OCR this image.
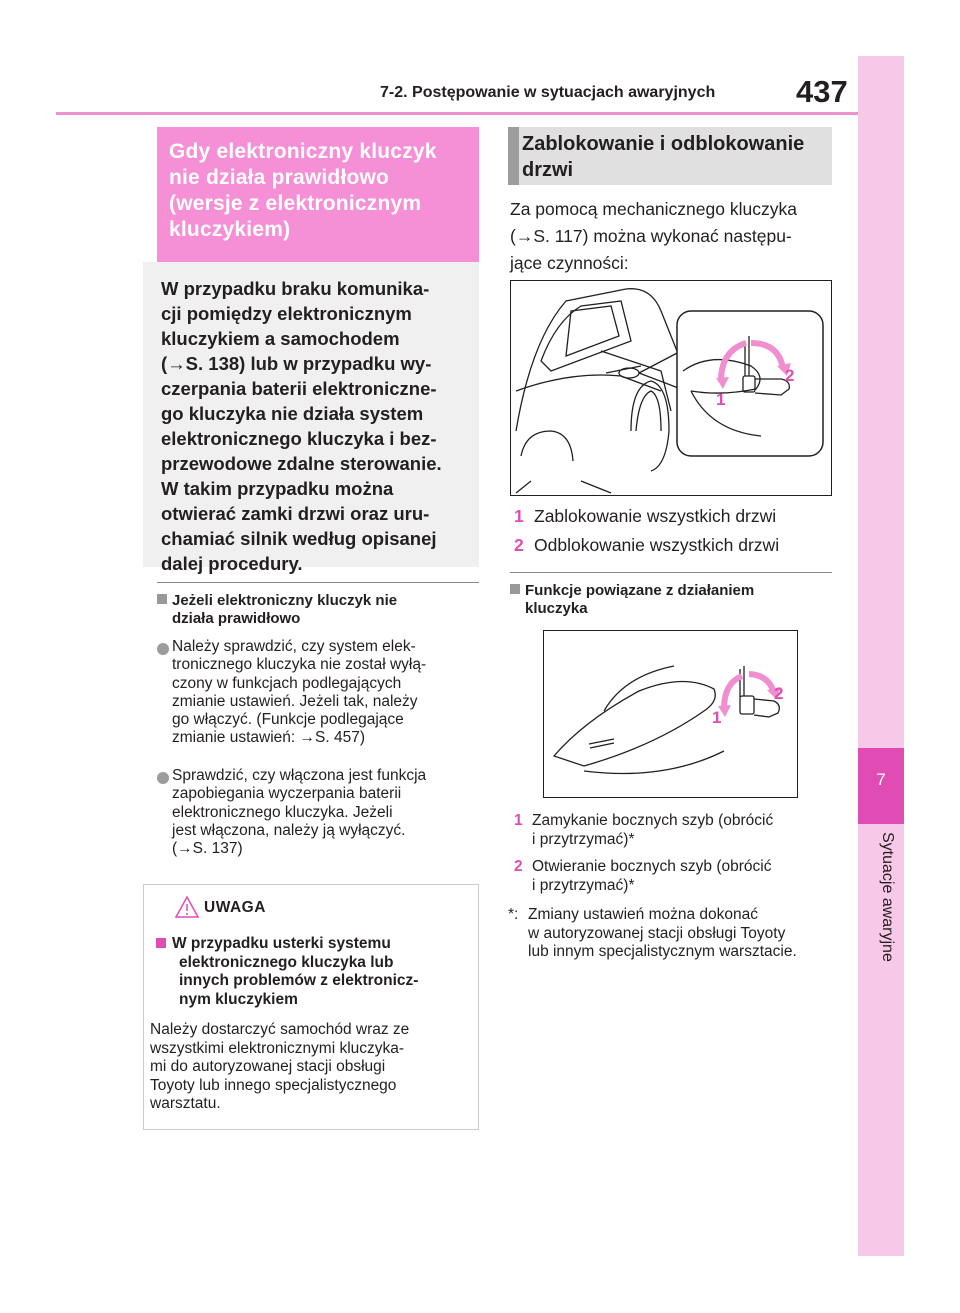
7-2. Postępowanie w sytuacjach awaryjnych	437
7
Sytuacje awaryjne
Gdy elektroniczny kluczyk
nie działa prawidłowo
(wersje z elektronicznym
kluczykiem)
W przypadku braku komunika-
cji pomiędzy elektronicznym
kluczykiem a samochodem
(→S. 138) lub w przypadku wy-
czerpania baterii elektroniczne-
go kluczyka nie działa system
elektronicznego kluczyka i bez-
przewodowe zdalne sterowanie.
W takim przypadku można
otwierać zamki drzwi oraz uru-
chamiać silnik według opisanej
dalej procedury.
Jeżeli elektroniczny kluczyk nie
działa prawidłowo
Należy sprawdzić, czy system elek-
tronicznego kluczyka nie został wyłą-
czony w funkcjach podlegających
zmianie ustawień. Jeżeli tak, należy
go włączyć. (Funkcje podlegające
zmianie ustawień: →S. 457)
Sprawdzić, czy włączona jest funkcja
zapobiegania wyczerpania baterii
elektronicznego kluczyka. Jeżeli
jest włączona, należy ją wyłączyć.
(→S. 137)
UWAGA
W przypadku usterki systemu
elektronicznego kluczyka lub
innych problemów z elektronicz-
nym kluczykiem
Należy dostarczyć samochód wraz ze
wszystkimi elektronicznymi kluczyka-
mi do autoryzowanej stacji obsługi
Toyoty lub innego specjalistycznego
warsztatu.
Zablokowanie i odblokowanie
drzwi
Za pomocą mechanicznego kluczyka
(→S. 117) można wykonać następu-
jące czynności:
1
2
1 Zablokowanie wszystkich drzwi
2 Odblokowanie wszystkich drzwi
Funkcje powiązane z działaniem
kluczyka
1
2
1 Zamykanie bocznych szyb (obrócić
i przytrzymać)*
2 Otwieranie bocznych szyb (obrócić
i przytrzymać)*
*: Zmiany ustawień można dokonać
w autoryzowanej stacji obsługi Toyoty
lub innym specjalistycznym warsztacie.
